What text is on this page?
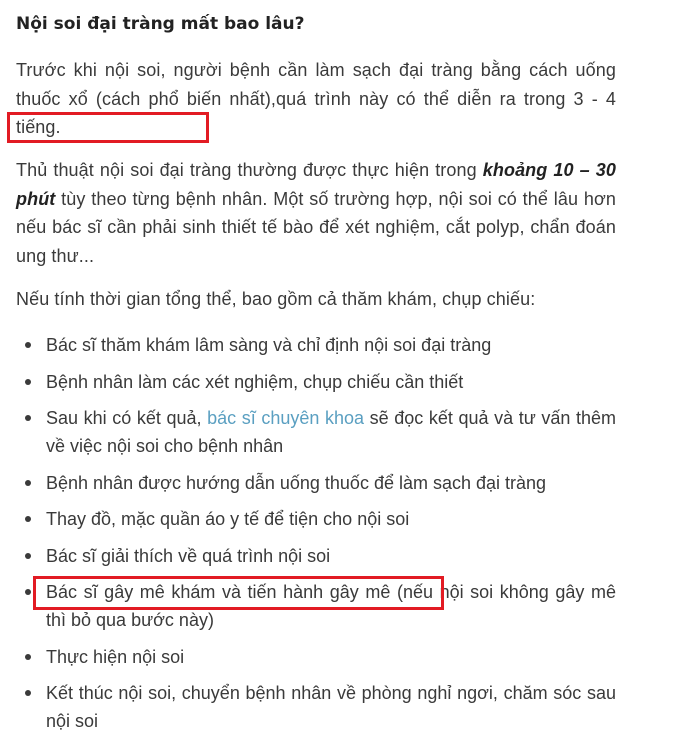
Nội soi đại tràng mất bao lâu?

Trước khi nội soi, người bệnh cần làm sạch đại tràng bằng cách uống thuốc xổ (cách phổ biến nhất),quá trình này có thể diễn ra trong 3 - 4 tiếng.

Thủ thuật nội soi đại tràng thường được thực hiện trong khoảng 10 – 30 phút tùy theo từng bệnh nhân. Một số trường hợp, nội soi có thể lâu hơn nếu bác sĩ cần phải sinh thiết tế bào để xét nghiệm, cắt polyp, chẩn đoán ung thư...

Nếu tính thời gian tổng thể, bao gồm cả thăm khám, chụp chiếu:

Bác sĩ thăm khám lâm sàng và chỉ định nội soi đại tràng
Bệnh nhân làm các xét nghiệm, chụp chiếu cần thiết
Sau khi có kết quả, bác sĩ chuyên khoa sẽ đọc kết quả và tư vấn thêm về việc nội soi cho bệnh nhân
Bệnh nhân được hướng dẫn uống thuốc để làm sạch đại tràng
Thay đồ, mặc quần áo y tế để tiện cho nội soi
Bác sĩ giải thích về quá trình nội soi
Bác sĩ gây mê khám và tiến hành gây mê (nếu nội soi không gây mê thì bỏ qua bước này)
Thực hiện nội soi
Kết thúc nội soi, chuyển bệnh nhân về phòng nghỉ ngơi, chăm sóc sau nội soi
